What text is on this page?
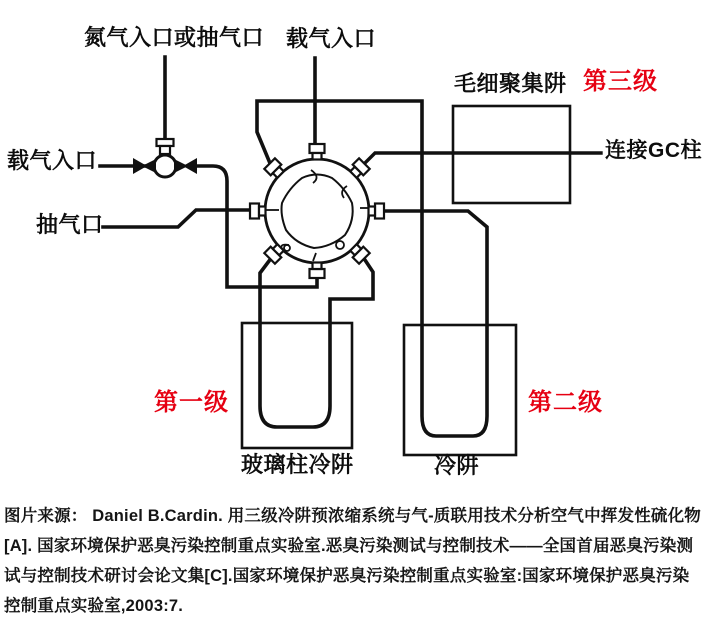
氮气入口或抽气口 载气入口
毛细聚集阱 第三级
连接GC柱
载气入口
抽气口
第一级	第二级
玻璃柱冷阱	冷阱
图片来源： Daniel B.Cardin. 用三级冷阱预浓缩系统与气-质联用技术分析空气中挥发性硫化物
[A]. 国家环境保护恶臭污染控制重点实验室.恶臭污染测试与控制技术——全国首届恶臭污染测
试与控制技术研讨会论文集[C].国家环境保护恶臭污染控制重点实验室:国家环境保护恶臭污染
控制重点实验室,2003:7.
